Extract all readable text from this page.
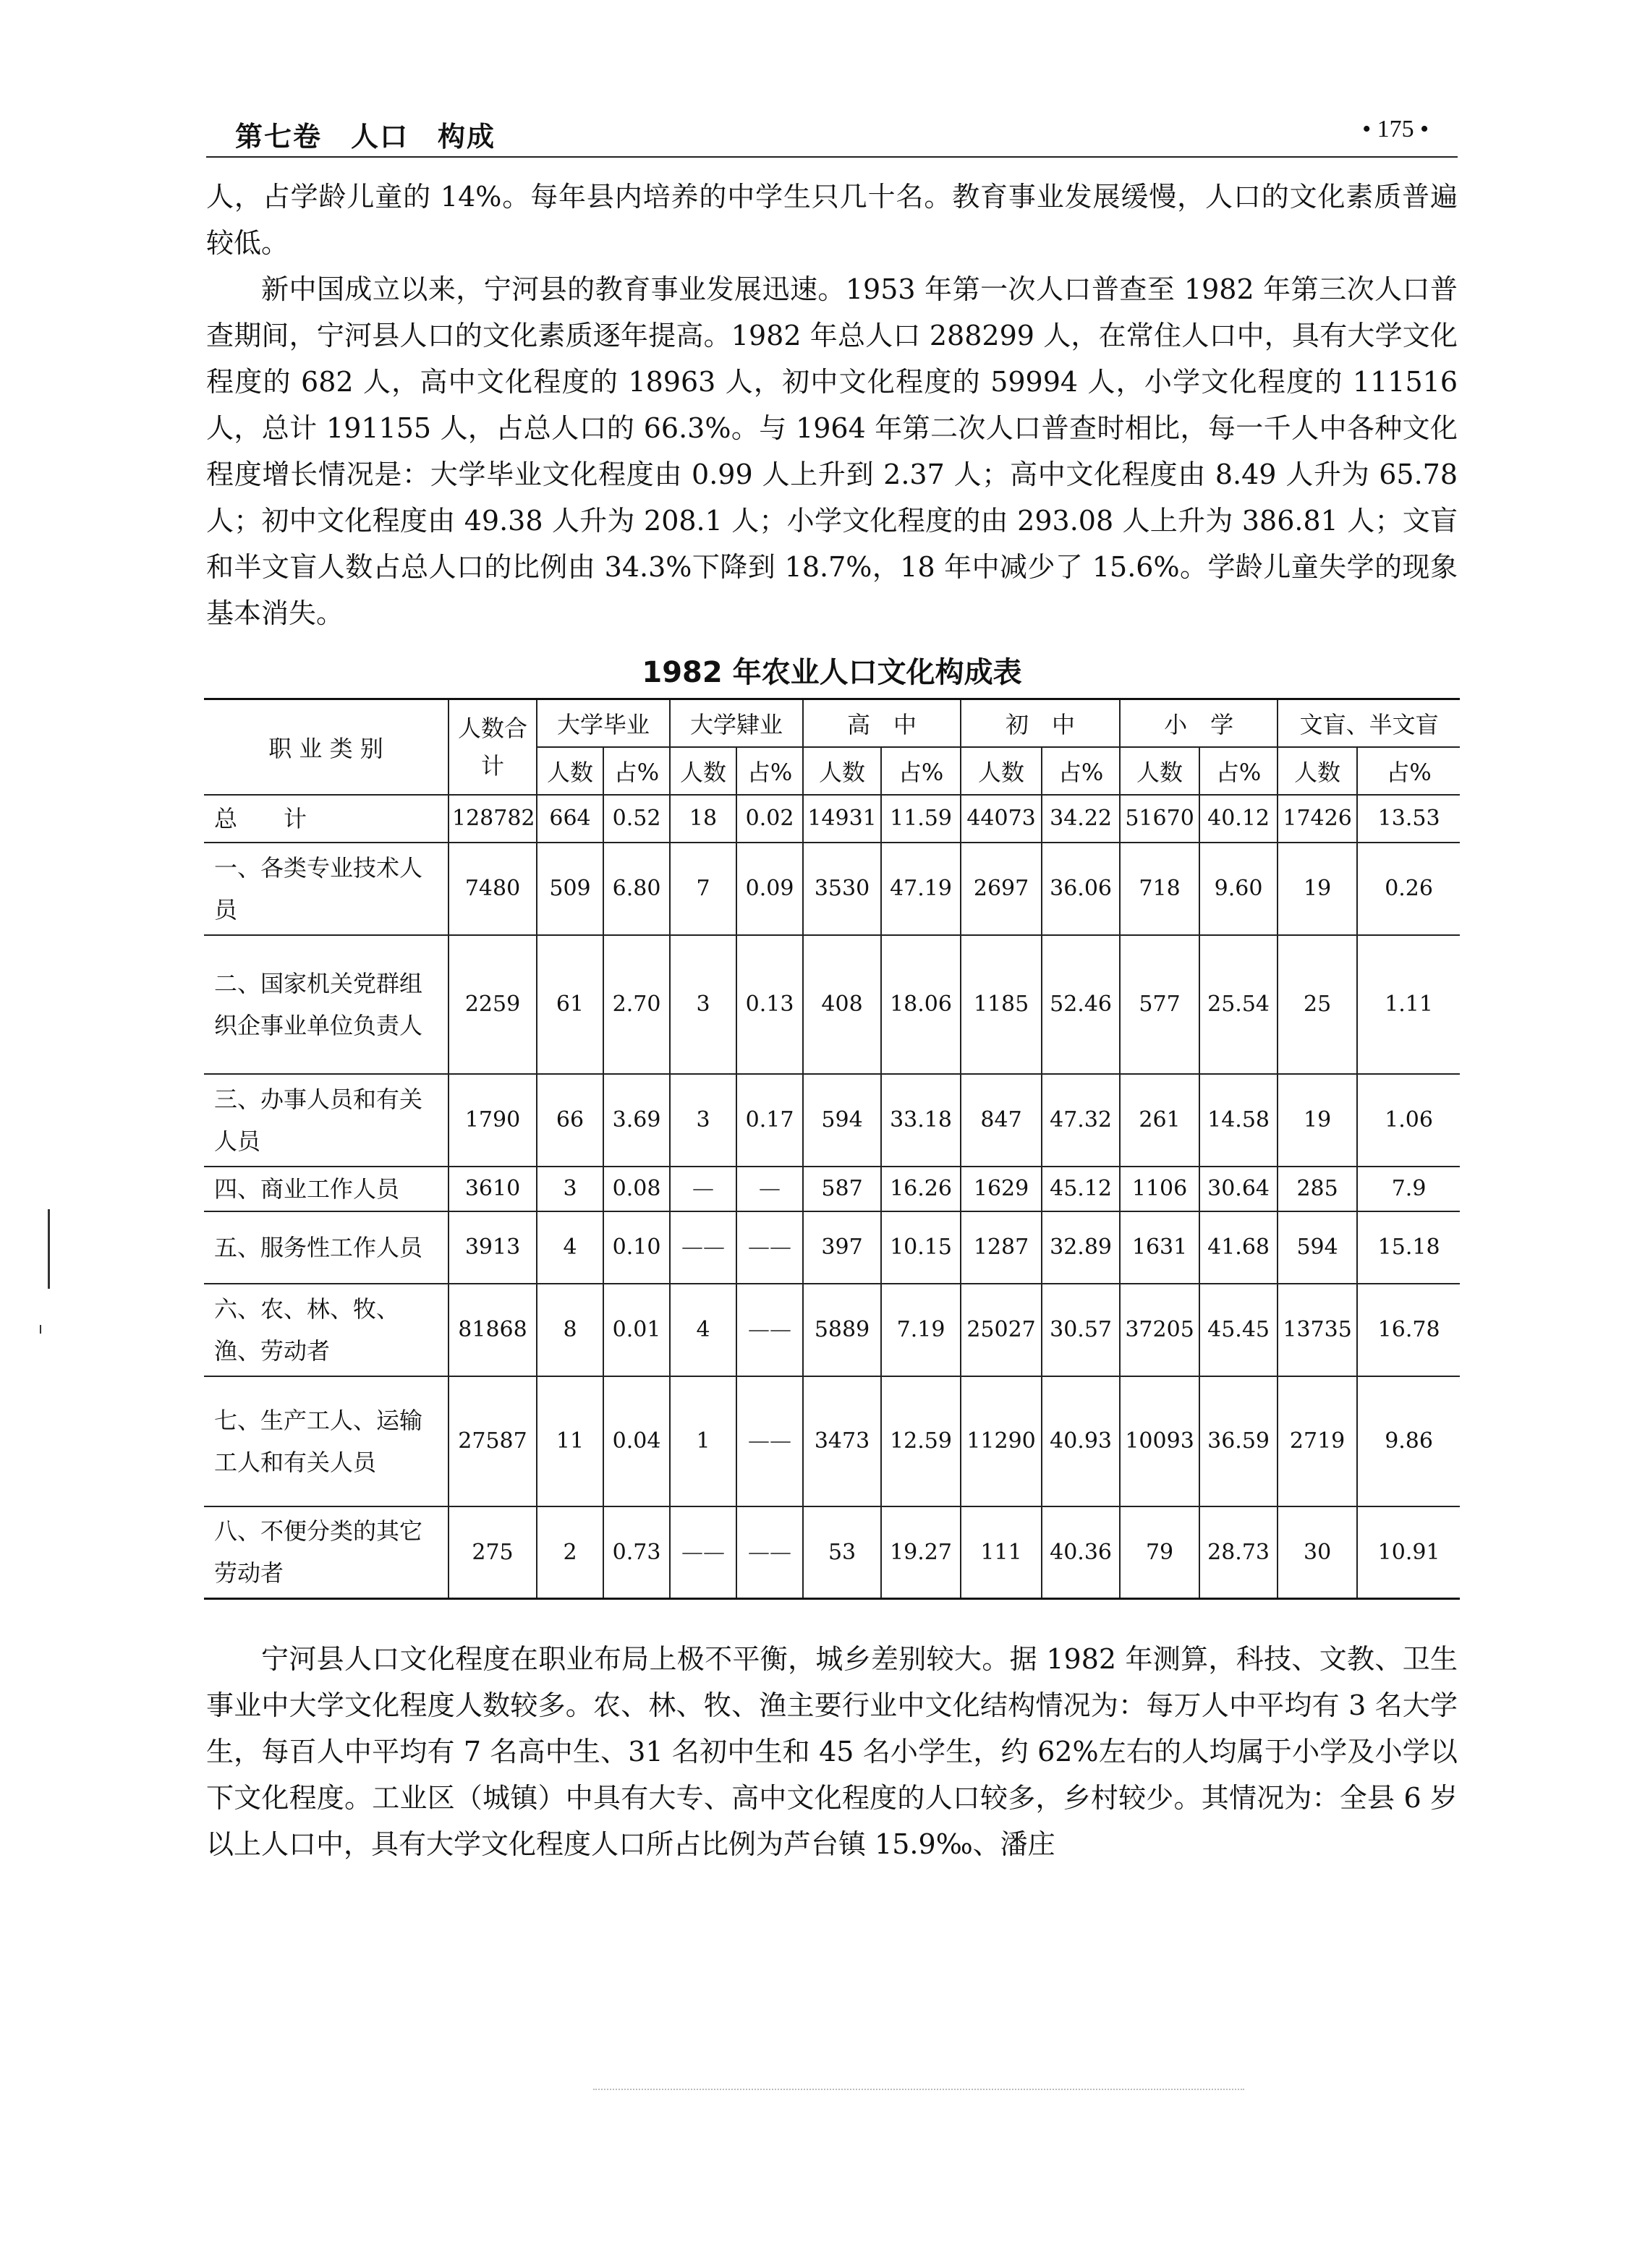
第七卷　人口　构成	• 175 •

人，占学龄儿童的 14%。每年县内培养的中学生只几十名。教育事业发展缓慢，人口的文化素质普遍较低。

新中国成立以来，宁河县的教育事业发展迅速。1953 年第一次人口普查至 1982 年第三次人口普查期间，宁河县人口的文化素质逐年提高。1982 年总人口 288299 人，在常住人口中，具有大学文化程度的 682 人，高中文化程度的 18963 人，初中文化程度的 59994 人，小学文化程度的 111516 人，总计 191155 人，占总人口的 66.3%。与 1964 年第二次人口普查时相比，每一千人中各种文化程度增长情况是：大学毕业文化程度由 0.99 人上升到 2.37 人；高中文化程度由 8.49 人升为 65.78 人；初中文化程度由 49.38 人升为 208.1 人；小学文化程度的由 293.08 人上升为 386.81 人；文盲和半文盲人数占总人口的比例由 34.3%下降到 18.7%，18 年中减少了 15.6%。学龄儿童失学的现象基本消失。

1982 年农业人口文化构成表
职 业 类 别	人数合计	大学毕业		大学肄业		高　中		初　中		小　学		文盲、半文盲	
		人数	占%	人数	占%	人数	占%	人数	占%	人数	占%	人数	占%
总　　计	128782	664	0.52	18	0.02	14931	11.59	44073	34.22	51670	40.12	17426	13.53
一、各类专业技术人员	7480	509	6.80	7	0.09	3530	47.19	2697	36.06	718	9.60	19	0.26
二、国家机关党群组织企事业单位负责人	2259	61	2.70	3	0.13	408	18.06	1185	52.46	577	25.54	25	1.11
三、办事人员和有关人员	1790	66	3.69	3	0.17	594	33.18	847	47.32	261	14.58	19	1.06
四、商业工作人员	3610	3	0.08	—	—	587	16.26	1629	45.12	1106	30.64	285	7.9
五、服务性工作人员	3913	4	0.10	——	——	397	10.15	1287	32.89	1631	41.68	594	15.18
六、农、林、牧、渔、劳动者	81868	8	0.01	4	——	5889	7.19	25027	30.57	37205	45.45	13735	16.78
七、生产工人、运输工人和有关人员	27587	11	0.04	1	——	3473	12.59	11290	40.93	10093	36.59	2719	9.86
八、不便分类的其它劳动者	275	2	0.73	——	——	53	19.27	111	40.36	79	28.73	30	10.91

宁河县人口文化程度在职业布局上极不平衡，城乡差别较大。据 1982 年测算，科技、文教、卫生事业中大学文化程度人数较多。农、林、牧、渔主要行业中文化结构情况为：每万人中平均有 3 名大学生，每百人中平均有 7 名高中生、31 名初中生和 45 名小学生，约 62%左右的人均属于小学及小学以下文化程度。工业区（城镇）中具有大专、高中文化程度的人口较多，乡村较少。其情况为：全县 6 岁以上人口中，具有大学文化程度人口所占比例为芦台镇 15.9‰、潘庄
